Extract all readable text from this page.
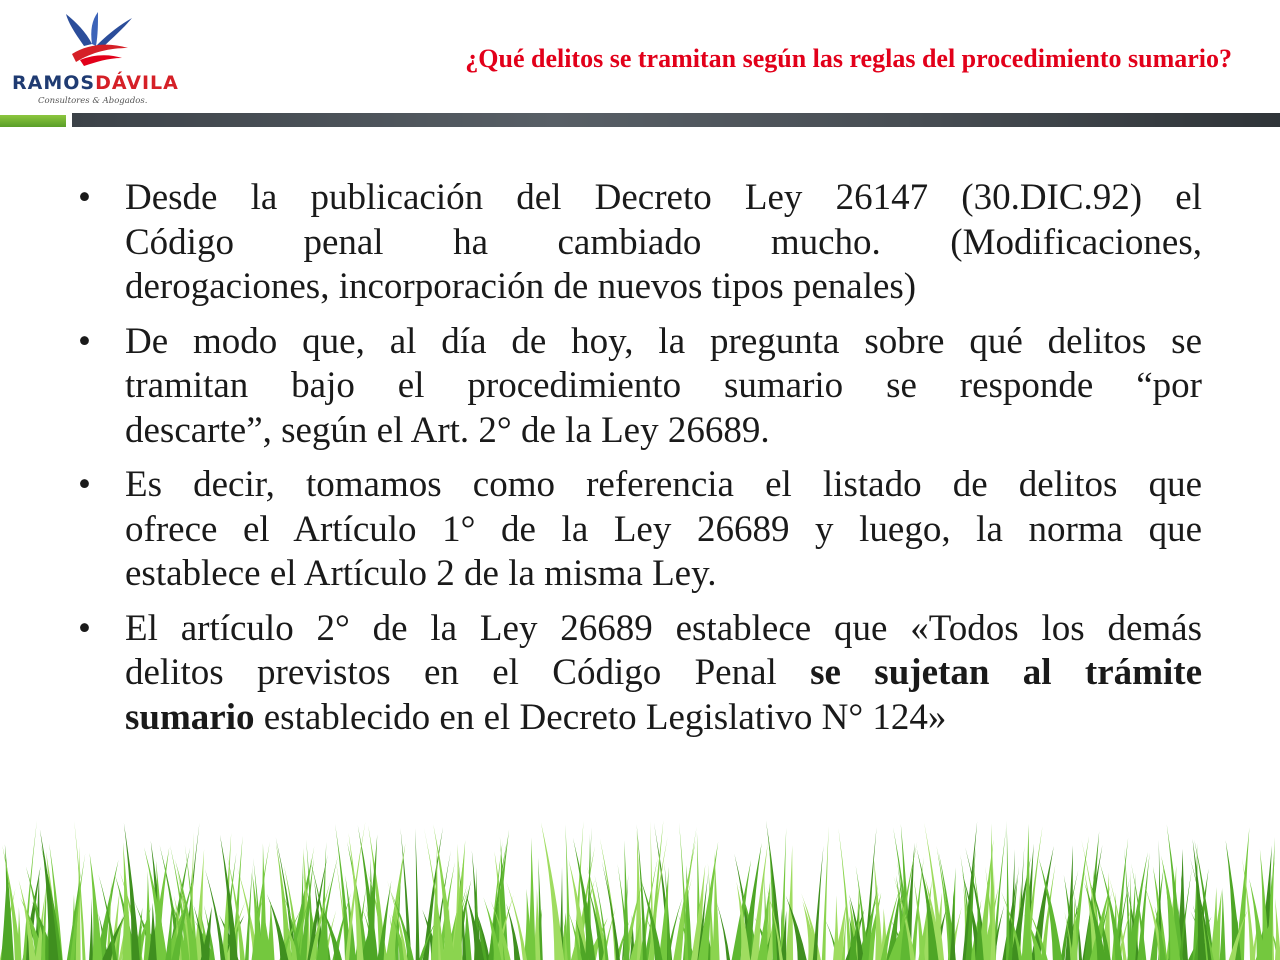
RAMOSDÁVILA
Consultores & Abogados.
¿Qué delitos se tramitan según las reglas del procedimiento sumario?
• Desde la publicación del Decreto Ley 26147 (30.DIC.92) el
Código penal ha cambiado mucho. (Modificaciones,
derogaciones, incorporación de nuevos tipos penales)
• De modo que, al día de hoy, la pregunta sobre qué delitos se
tramitan bajo el procedimiento sumario se responde “por
descarte”, según el Art. 2° de la Ley 26689.
• Es decir, tomamos como referencia el listado de delitos que
ofrece el Artículo 1° de la Ley 26689 y luego, la norma que
establece el Artículo 2 de la misma Ley.
• El artículo 2° de la Ley 26689 establece que «Todos los demás
delitos previstos en el Código Penal se sujetan al trámite
sumario establecido en el Decreto Legislativo N° 124»
